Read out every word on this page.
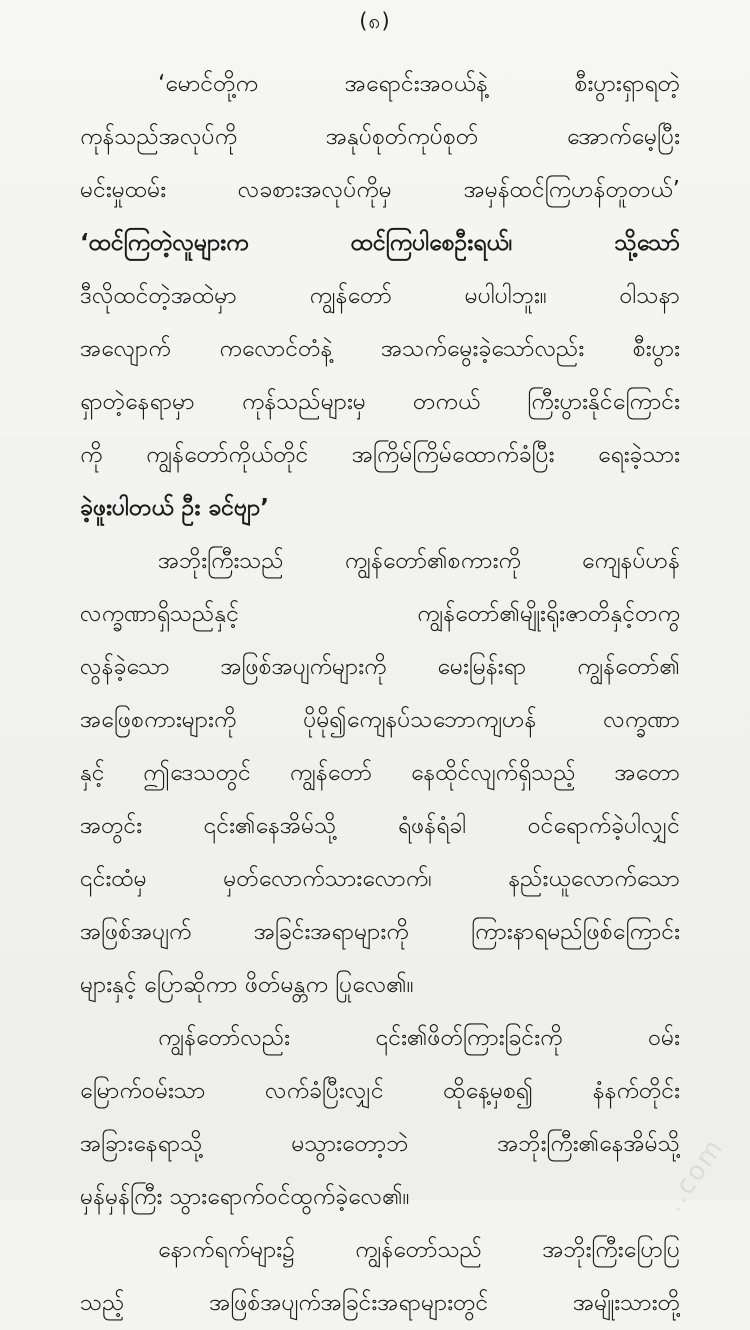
(၈)
‘မောင်တို့က အရောင်းအဝယ်နဲ့ စီးပွားရှာရတဲ့
ကုန်သည်အလုပ်ကို အနုပ်စုတ်ကုပ်စုတ် အောက်မေ့ပြီး
မင်းမှုထမ်း လခစားအလုပ်ကိုမှ အမှန်ထင်ကြဟန်တူတယ်’
‘ထင်ကြတဲ့လူများက ထင်ကြပါစေဦးရယ်၊ သို့သော်
ဒီလိုထင်တဲ့အထဲမှာ ကျွန်တော် မပါပါဘူး။ ဝါသနာ
အလျောက် ကလောင်တံနဲ့ အသက်မွေးခဲ့သော်လည်း စီးပွား
ရှာတဲ့နေရာမှာ ကုန်သည်များမှ တကယ် ကြီးပွားနိုင်ကြောင်း
ကို ကျွန်တော်ကိုယ်တိုင် အကြိမ်ကြိမ်ထောက်ခံပြီး ရေးခဲ့သား
ခဲ့ဖူးပါတယ် ဦး ခင်ဗျာ’
အဘိုးကြီးသည် ကျွန်တော်၏စကားကို ကျေနပ်ဟန်
လက္ခဏာရှိသည်နှင့် ကျွန်တော်၏မျိုးရိုးဇာတိနှင့်တကွ
လွန်ခဲ့သော အဖြစ်အပျက်များကို မေးမြန်းရာ ကျွန်တော်၏
အဖြေစကားများကို ပိုမို၍ကျေနပ်သဘောကျဟန် လက္ခဏာ
နှင့် ဤဒေသတွင် ကျွန်တော် နေထိုင်လျက်ရှိသည့် အတော
အတွင်း ၎င်း၏နေအိမ်သို့ ရံဖန်ရံခါ ဝင်ရောက်ခဲ့ပါလျှင်
၎င်းထံမှ မှတ်လောက်သားလောက်၊ နည်းယူလောက်သော
အဖြစ်အပျက် အခြင်းအရာများကို ကြားနာရမည်ဖြစ်ကြောင်း
များနှင့် ပြောဆိုကာ ဖိတ်မန္တက ပြုလေ၏။
ကျွန်တော်လည်း ၎င်း၏ဖိတ်ကြားခြင်းကို ဝမ်း
မြောက်ဝမ်းသာ လက်ခံပြီးလျှင် ထိုနေ့မှစ၍ နံနက်တိုင်း
အခြားနေရာသို့ မသွားတော့ဘဲ အဘိုးကြီး၏နေအိမ်သို့
မှန်မှန်ကြီး သွားရောက်ဝင်ထွက်ခဲ့လေ၏။
နောက်ရက်များ၌ ကျွန်တော်သည် အဘိုးကြီးပြောပြ
သည့် အဖြစ်အပျက်အခြင်းအရာများတွင် အမျိုးသားတို့
..com
